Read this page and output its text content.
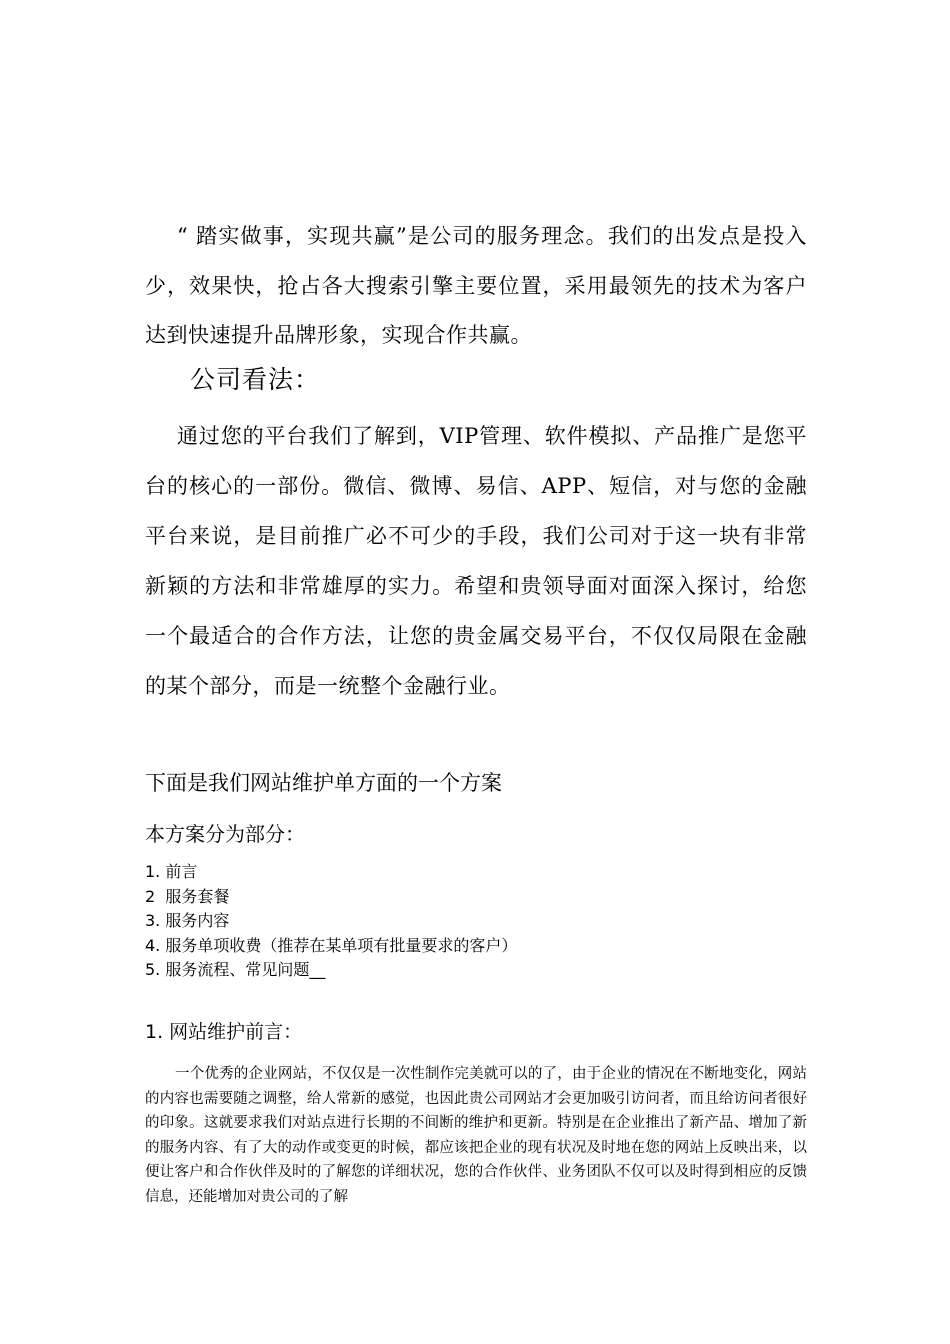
“ 踏实做事，实现共赢”是公司的服务理念。我们的出发点是投入少，效果快，抢占各大搜索引擎主要位置，采用最领先的技术为客户达到快速提升品牌形象，实现合作共赢。

公司看法：

通过您的平台我们了解到，VIP管理、软件模拟、产品推广是您平台的核心的一部份。微信、微博、易信、APP、短信，对与您的金融平台来说，是目前推广必不可少的手段，我们公司对于这一块有非常新颖的方法和非常雄厚的实力。希望和贵领导面对面深入探讨，给您一个最适合的合作方法，让您的贵金属交易平台，不仅仅局限在金融的某个部分，而是一统整个金融行业。

下面是我们网站维护单方面的一个方案

本方案分为部分：
1. 前言
2  服务套餐
3. 服务内容
4. 服务单项收费（推荐在某单项有批量要求的客户）
5. 服务流程、常见问题__
1. 网站维护前言：

一个优秀的企业网站，不仅仅是一次性制作完美就可以的了，由于企业的情况在不断地变化，网站的内容也需要随之调整，给人常新的感觉，也因此贵公司网站才会更加吸引访问者，而且给访问者很好的印象。这就要求我们对站点进行长期的不间断的维护和更新。特别是在企业推出了新产品、增加了新的服务内容、有了大的动作或变更的时候，都应该把企业的现有状况及时地在您的网站上反映出来，以便让客户和合作伙伴及时的了解您的详细状况，您的合作伙伴、业务团队不仅可以及时得到相应的反馈信息，还能增加对贵公司的了解
